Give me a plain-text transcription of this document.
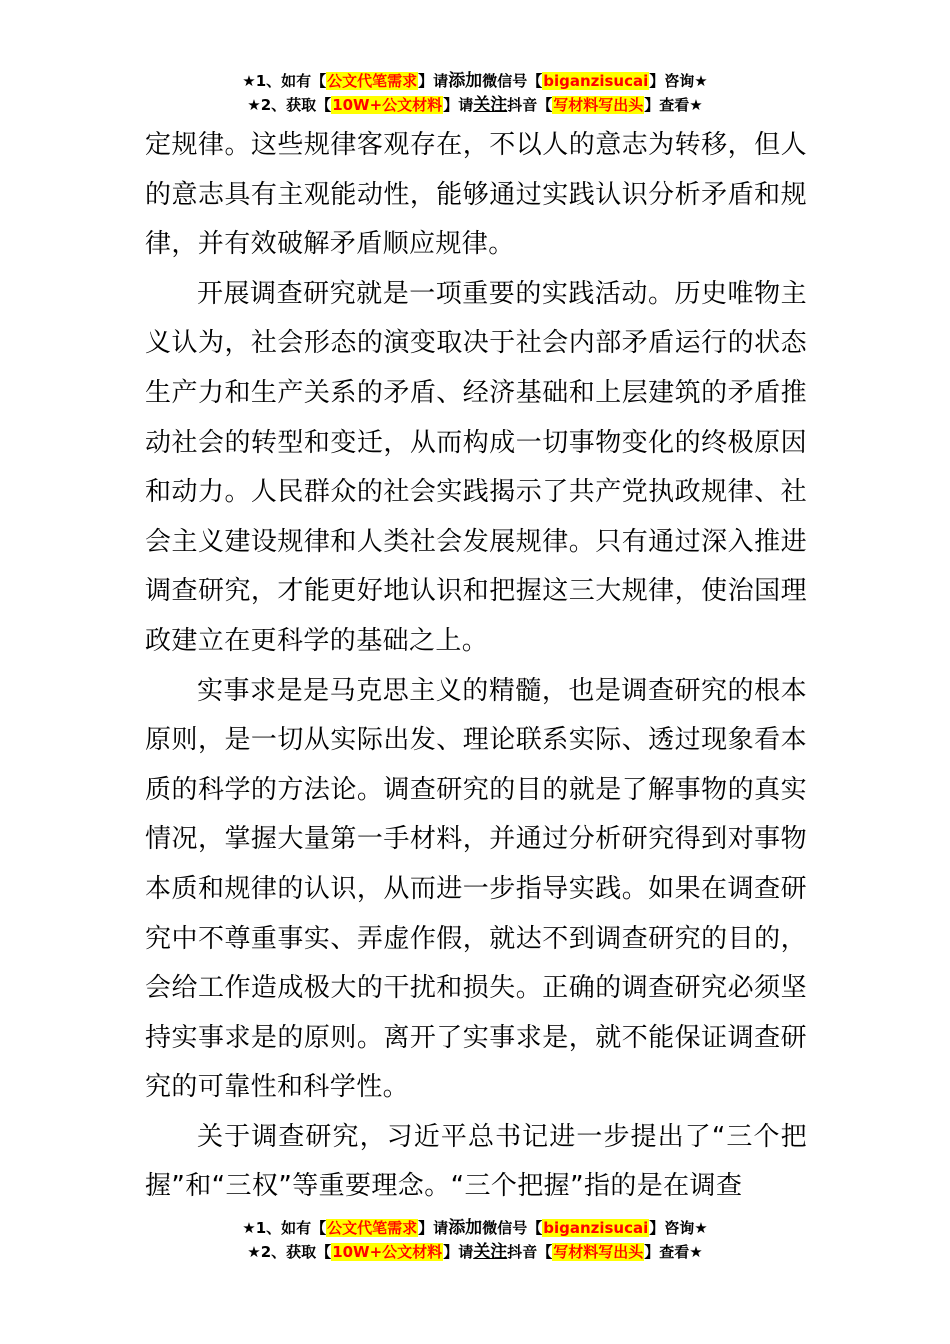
★1、如有【公文代笔需求】请添加微信号【biganzisucai】咨询★
★2、获取【10W+公文材料】请关注抖音【写材料写出头】查看★

定规律。这些规律客观存在，不以人的意志为转移，但人的意志具有主观能动性，能够通过实践认识分析矛盾和规律，并有效破解矛盾顺应规律。

开展调查研究就是一项重要的实践活动。历史唯物主义认为，社会形态的演变取决于社会内部矛盾运行的状态生产力和生产关系的矛盾、经济基础和上层建筑的矛盾推动社会的转型和变迁，从而构成一切事物变化的终极原因和动力。人民群众的社会实践揭示了共产党执政规律、社会主义建设规律和人类社会发展规律。只有通过深入推进调查研究，才能更好地认识和把握这三大规律，使治国理政建立在更科学的基础之上。

实事求是是马克思主义的精髓，也是调查研究的根本原则，是一切从实际出发、理论联系实际、透过现象看本质的科学的方法论。调查研究的目的就是了解事物的真实情况，掌握大量第一手材料，并通过分析研究得到对事物本质和规律的认识，从而进一步指导实践。如果在调查研究中不尊重事实、弄虚作假，就达不到调查研究的目的，会给工作造成极大的干扰和损失。正确的调查研究必须坚持实事求是的原则。离开了实事求是，就不能保证调查研究的可靠性和科学性。

关于调查研究，习近平总书记进一步提出了“三个把握”和“三权”等重要理念。“三个把握”指的是在调查

★1、如有【公文代笔需求】请添加微信号【biganzisucai】咨询★
★2、获取【10W+公文材料】请关注抖音【写材料写出头】查看★
